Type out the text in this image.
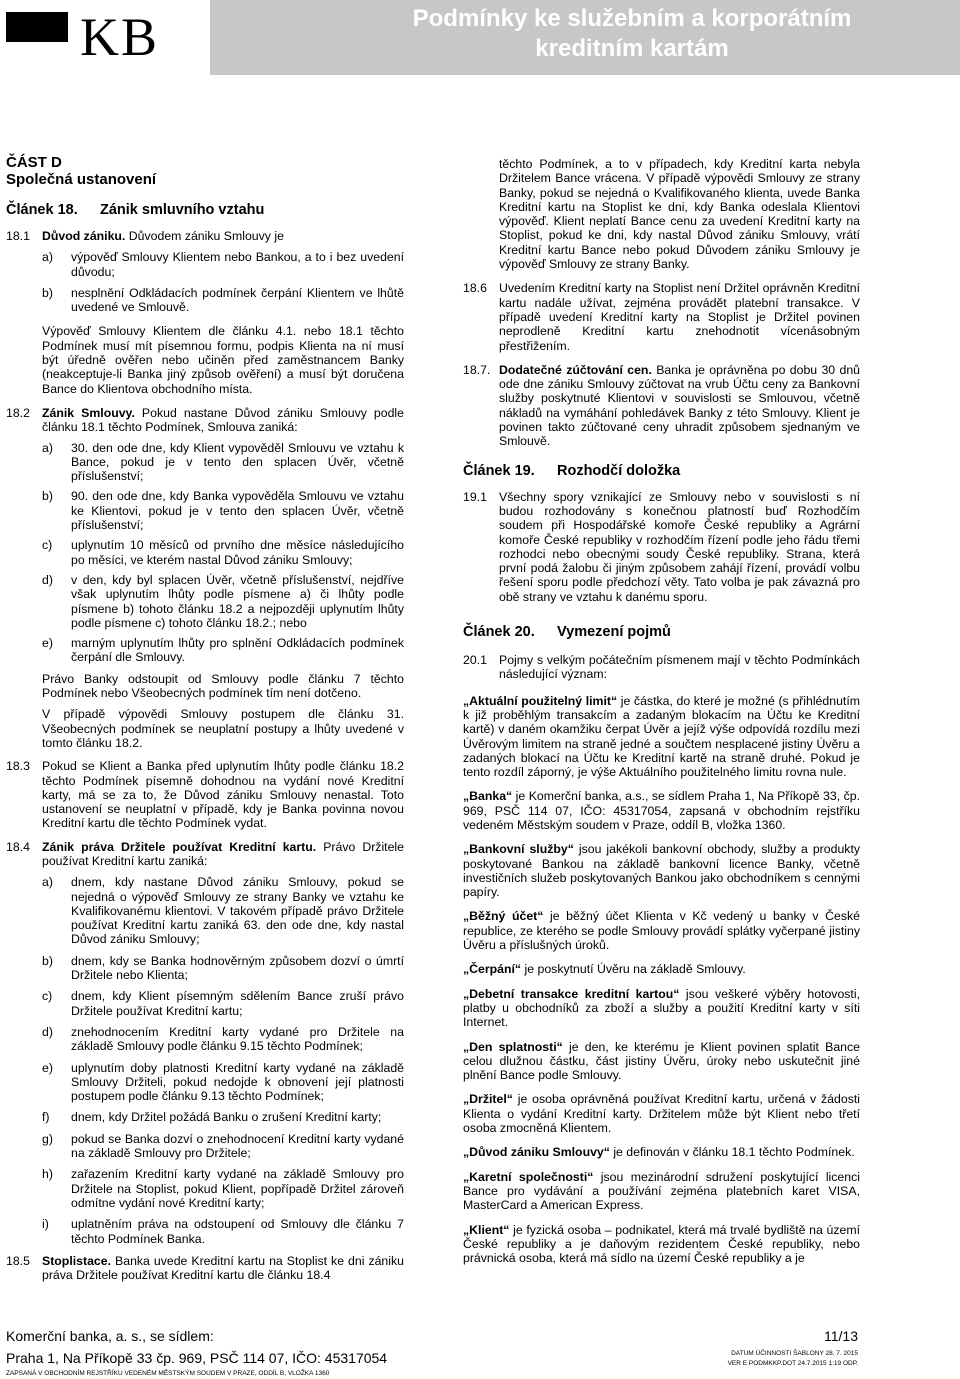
KB	Podmínky ke služebním a korporátním kreditním kartám
ČÁST D
Společná ustanovení
Článek 18.	Zánik smluvního vztahu
18.1 Důvod zániku. Důvodem zániku Smlouvy je

a)	výpověď Smlouvy Klientem nebo Bankou, a to i bez uvedení důvodu;
b)	nesplnění Odkládacích podmínek čerpání Klientem ve lhůtě uvedené ve Smlouvě.

Výpověď Smlouvy Klientem dle článku 4.1. nebo 18.1 těchto Podmínek musí mít písemnou formu, podpis Klienta na ní musí být úředně ověřen nebo učiněn před zaměstnancem Banky (neakceptuje-li Banka jiný způsob ověření) a musí být doručena Bance do Klientova obchodního místa.

18.2 Zánik Smlouvy. Pokud nastane Důvod zániku Smlouvy podle článku 18.1 těchto Podmínek, Smlouva zaniká:

a)	30. den ode dne, kdy Klient vypověděl Smlouvu ve vztahu k Bance, pokud je v tento den splacen Úvěr, včetně příslušenství;
b)	90. den ode dne, kdy Banka vypověděla Smlouvu ve vztahu ke Klientovi, pokud je v tento den splacen Úvěr, včetně příslušenství;
c)	uplynutím 10 měsíců od prvního dne měsíce následujícího po měsíci, ve kterém nastal Důvod zániku Smlouvy;
d)	v den, kdy byl splacen Úvěr, včetně příslušenství, nejdříve však uplynutím lhůty podle písmene a) či lhůty podle písmene b) tohoto článku 18.2 a nejpozději uplynutím lhůty podle písmene c) tohoto článku 18.2.; nebo
e)	marným uplynutím lhůty pro splnění Odkládacích podmínek čerpání dle Smlouvy.

Právo Banky odstoupit od Smlouvy podle článku 7 těchto Podmínek nebo Všeobecných podmínek tím není dotčeno.

V případě výpovědi Smlouvy postupem dle článku 31. Všeobecných podmínek se neuplatní postupy a lhůty uvedené v tomto článku 18.2.

18.3 Pokud se Klient a Banka před uplynutím lhůty podle článku 18.2 těchto Podmínek písemně dohodnou na vydání nové Kreditní karty, má se za to, že Důvod zániku Smlouvy nenastal. Toto ustanovení se neuplatní v případě, kdy je Banka povinna novou Kreditní kartu dle těchto Podmínek vydat.

18.4 Zánik práva Držitele používat Kreditní kartu. Právo Držitele používat Kreditní kartu zaniká:

a)	dnem, kdy nastane Důvod zániku Smlouvy, pokud se nejedná o výpověď Smlouvy ze strany Banky ve vztahu ke Kvalifikovanému klientovi. V takovém případě právo Držitele používat Kreditní kartu zaniká 63. den ode dne, kdy nastal Důvod zániku Smlouvy;
b)	dnem, kdy se Banka hodnověrným způsobem dozví o úmrtí Držitele nebo Klienta;
c)	dnem, kdy Klient písemným sdělením Bance zruší právo Držitele používat Kreditní kartu;
d)	znehodnocením Kreditní karty vydané pro Držitele na základě Smlouvy podle článku 9.15 těchto Podmínek;
e)	uplynutím doby platnosti Kreditní karty vydané na základě Smlouvy Držiteli, pokud nedojde k obnovení její platnosti postupem podle článku 9.13 těchto Podmínek;
f)	dnem, kdy Držitel požádá Banku o zrušení Kreditní karty;
g)	pokud se Banka dozví o znehodnocení Kreditní karty vydané na základě Smlouvy pro Držitele;
h)	zařazením Kreditní karty vydané na základě Smlouvy pro Držitele na Stoplist, pokud Klient, popřípadě Držitel zároveň odmítne vydání nové Kreditní karty;
i)	uplatněním práva na odstoupení od Smlouvy dle článku 7 těchto Podmínek Banka.
18.5 Stoplistace. Banka uvede Kreditní kartu na Stoplist ke dni zániku práva Držitele používat Kreditní kartu dle článku 18.4

těchto Podmínek, a to v případech, kdy Kreditní karta nebyla Držitelem Bance vrácena. V případě výpovědi Smlouvy ze strany Banky, pokud se nejedná o Kvalifikovaného klienta, uvede Banka Kreditní kartu na Stoplist ke dni, kdy Banka odeslala Klientovi výpověď. Klient neplatí Bance cenu za uvedení Kreditní karty na Stoplist, pokud ke dni, kdy nastal Důvod zániku Smlouvy, vrátí Kreditní kartu Bance nebo pokud Důvodem zániku Smlouvy je výpověď Smlouvy ze strany Banky.

18.6 Uvedením Kreditní karty na Stoplist není Držitel oprávněn Kreditní kartu nadále užívat, zejména provádět platební transakce. V případě uvedení Kreditní karty na Stoplist je Držitel povinen neprodleně Kreditní kartu znehodnotit vícenásobným přestřižením.

18.7. Dodatečné zúčtování cen. Banka je oprávněna po dobu 30 dnů ode dne zániku Smlouvy zúčtovat na vrub Účtu ceny za Bankovní služby poskytnuté Klientovi v souvislosti se Smlouvou, včetně nákladů na vymáhání pohledávek Banky z této Smlouvy. Klient je povinen takto zúčtované ceny uhradit způsobem sjednaným ve Smlouvě.

Článek 19.	Rozhodčí doložka
19.1 Všechny spory vznikající ze Smlouvy nebo v souvislosti s ní budou rozhodovány s konečnou platností buď Rozhodčím soudem při Hospodářské komoře České republiky a Agrární komoře České republiky v rozhodčím řízení podle jeho řádu třemi rozhodci nebo obecnými soudy České republiky. Strana, která první podá žalobu či jiným způsobem zahájí řízení, provádí volbu řešení sporu podle předchozí věty. Tato volba je pak závazná pro obě strany ve vztahu k danému sporu.

Článek 20.	Vymezení pojmů
20.1 Pojmy s velkým počátečním písmenem mají v těchto Podmínkách následující význam:

„Aktuální použitelný limit“ je částka, do které je možné (s přihlédnutím k již proběhlým transakcím a zadaným blokacím na Účtu ke Kreditní kartě) v daném okamžiku čerpat Úvěr a jejíž výše odpovídá rozdílu mezi Úvěrovým limitem na straně jedné a součtem nesplacené jistiny Úvěru a zadaných blokací na Účtu ke Kreditní kartě na straně druhé. Pokud je tento rozdíl záporný, je výše Aktuálního použitelného limitu rovna nule.

„Banka“ je Komerční banka, a.s., se sídlem Praha 1, Na Příkopě 33, čp. 969, PSČ 114 07, IČO: 45317054, zapsaná v obchodním rejstříku vedeném Městským soudem v Praze, oddíl B, vložka 1360.

„Bankovní služby“ jsou jakékoli bankovní obchody, služby a produkty poskytované Bankou na základě bankovní licence Banky, včetně investičních služeb poskytovaných Bankou jako obchodníkem s cennými papíry.

„Běžný účet“ je běžný účet Klienta v Kč vedený u banky v České republice, ze kterého se podle Smlouvy provádí splátky vyčerpané jistiny Úvěru a příslušných úroků.

„Čerpání“ je poskytnutí Úvěru na základě Smlouvy.

„Debetní transakce kreditní kartou“ jsou veškeré výběry hotovosti, platby u obchodníků za zboží a služby a použití Kreditní karty v síti Internet.

„Den splatnosti“ je den, ke kterému je Klient povinen splatit Bance celou dlužnou částku, část jistiny Úvěru, úroky nebo uskutečnit jiné plnění Bance podle Smlouvy.

„Držitel“ je osoba oprávněná používat Kreditní kartu, určená v žádosti Klienta o vydání Kreditní karty. Držitelem může být Klient nebo třetí osoba zmocněná Klientem.

„Důvod zániku Smlouvy“ je definován v článku 18.1 těchto Podmínek.

„Karetní společnosti“ jsou mezinárodní sdružení poskytující licenci Bance pro vydávání a používání zejména platebních karet VISA, MasterCard a American Express.

„Klient“ je fyzická osoba – podnikatel, která má trvalé bydliště na území České republiky a je daňovým rezidentem České republiky, nebo právnická osoba, která má sídlo na území České republiky a je

Komerční banka, a. s., se sídlem:
Praha 1, Na Příkopě 33 čp. 969, PSČ 114 07, IČO: 45317054
ZAPSANÁ V OBCHODNÍM REJSTŘÍKU VEDENÉM MĚSTSKÝM SOUDEM V PRAZE, ODDÍL B, VLOŽKA 1360
11/13
DATUM ÚČINNOSTI ŠABLONY 28. 7. 2015
VER E PODMKKP.DOT 24.7.2015 1:19 ODP.
